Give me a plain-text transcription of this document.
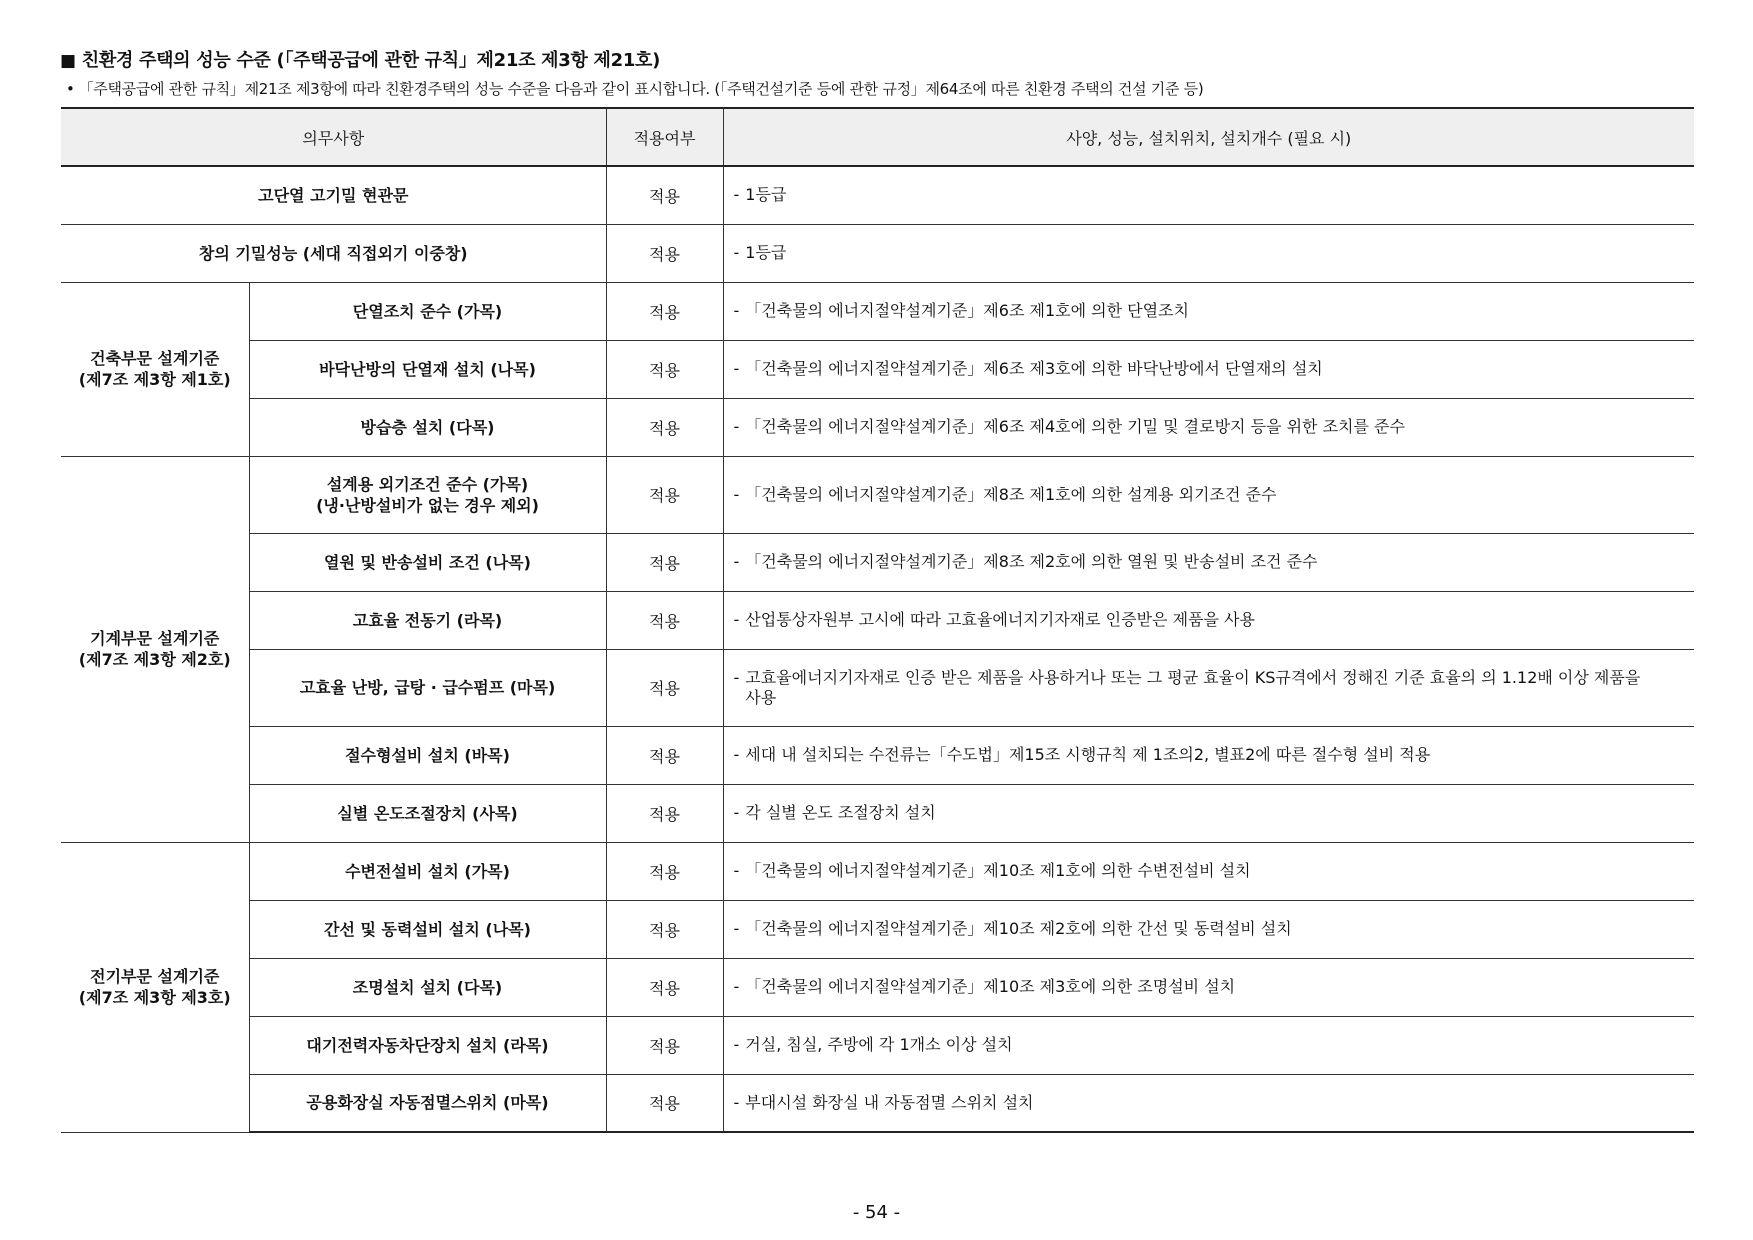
■ 친환경 주택의 성능 수준 (「주택공급에 관한 규칙」제21조 제3항 제21호)
• 「주택공급에 관한 규칙」제21조 제3항에 따라 친환경주택의 성능 수준을 다음과 같이 표시합니다. (「주택건설기준 등에 관한 규정」제64조에 따른 친환경 주택의 건설 기준 등)
의무사항		적용여부	사양, 성능, 설치위치, 설치개수 (필요 시)
고단열 고기밀 현관문		적용	- 1등급

창의 기밀성능 (세대 직접외기 이중창)		적용	- 1등급

건축부문 설계기준
(제7조 제3항 제1호)	단열조치 준수 (가목)	적용	- 「건축물의 에너지절약설계기준」제6조 제1호에 의한 단열조치

	바닥난방의 단열재 설치 (나목)	적용	- 「건축물의 에너지절약설계기준」제6조 제3호에 의한 바닥난방에서 단열재의 설치

	방습층 설치 (다목)	적용	- 「건축물의 에너지절약설계기준」제6조 제4호에 의한 기밀 및 결로방지 등을 위한 조치를 준수

기계부문 설계기준
(제7조 제3항 제2호)	설계용 외기조건 준수 (가목)
(냉·난방설비가 없는 경우 제외)	적용	- 「건축물의 에너지절약설계기준」제8조 제1호에 의한 설계용 외기조건 준수

	열원 및 반송설비 조건 (나목)	적용	- 「건축물의 에너지절약설계기준」제8조 제2호에 의한 열원 및 반송설비 조건 준수

	고효율 전동기 (라목)	적용	- 산업통상자원부 고시에 따라 고효율에너지기자재로 인증받은 제품을 사용

	고효율 난방, 급탕 · 급수펌프 (마목)	적용	- 고효율에너지기자재로 인증 받은 제품을 사용하거나 또는 그 평균 효율이 KS규격에서 정해진 기준 효율의 의 1.12배 이상 제품을 사용

	절수형설비 설치 (바목)	적용	- 세대 내 설치되는 수전류는「수도법」제15조 시행규칙 제 1조의2, 별표2에 따른 절수형 설비 적용

	실별 온도조절장치 (사목)	적용	- 각 실별 온도 조절장치 설치

전기부문 설계기준
(제7조 제3항 제3호)	수변전설비 설치 (가목)	적용	- 「건축물의 에너지절약설계기준」제10조 제1호에 의한 수변전설비 설치

	간선 및 동력설비 설치 (나목)	적용	- 「건축물의 에너지절약설계기준」제10조 제2호에 의한 간선 및 동력설비 설치

	조명설치 설치 (다목)	적용	- 「건축물의 에너지절약설계기준」제10조 제3호에 의한 조명설비 설치

	대기전력자동차단장치 설치 (라목)	적용	- 거실, 침실, 주방에 각 1개소 이상 설치

	공용화장실 자동점멸스위치 (마목)	적용	- 부대시설 화장실 내 자동점멸 스위치 설치
- 54 -
